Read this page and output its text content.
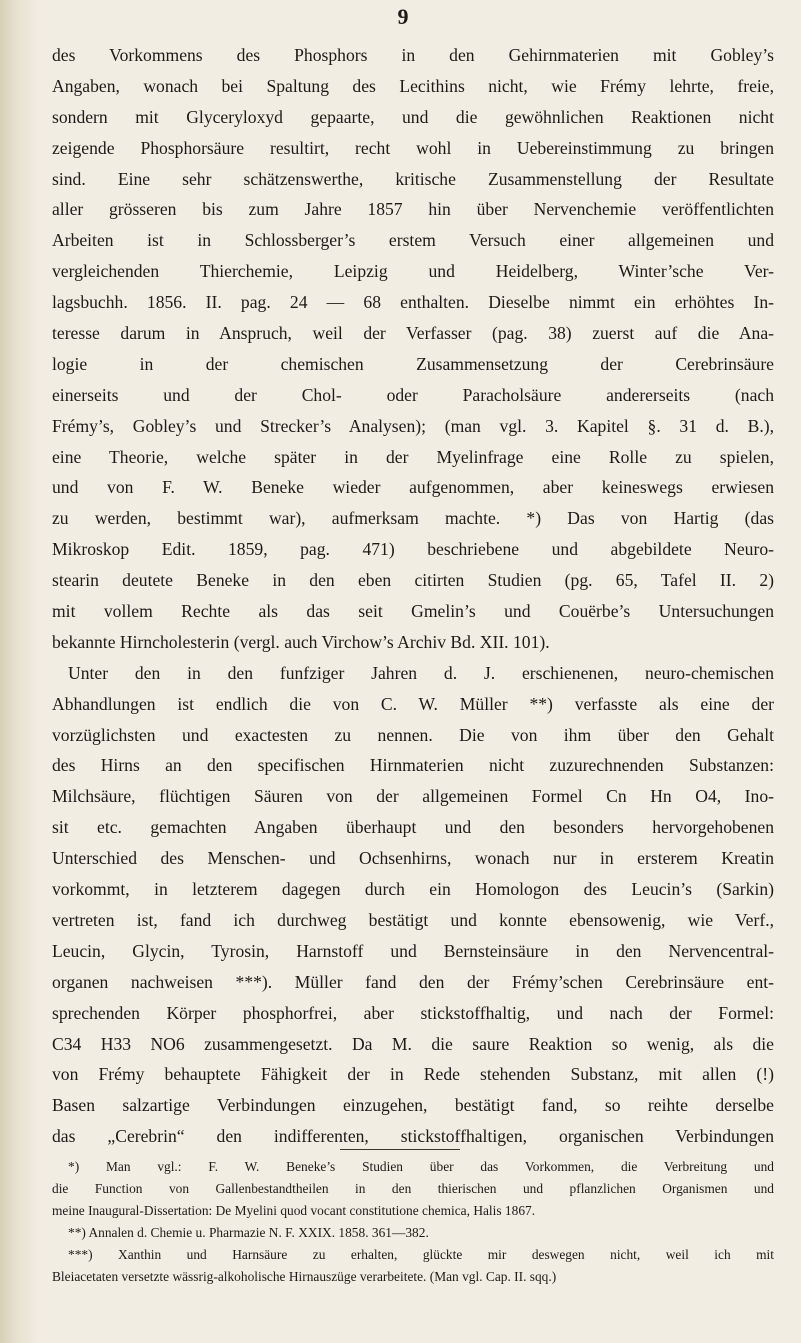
9
des Vorkommens des Phosphors in den Gehirnmaterien mit Gobley’s
Angaben, wonach bei Spaltung des Lecithins nicht, wie Frémy lehrte, freie,
sondern mit Glyceryloxyd gepaarte, und die gewöhnlichen Reaktionen nicht
zeigende Phosphorsäure resultirt, recht wohl in Uebereinstimmung zu bringen
sind. Eine sehr schätzenswerthe, kritische Zusammenstellung der Resultate
aller grösseren bis zum Jahre 1857 hin über Nervenchemie veröffentlichten
Arbeiten ist in Schlossberger’s erstem Versuch einer allgemeinen und
vergleichenden Thierchemie, Leipzig und Heidelberg, Winter’sche Ver-
lagsbuchh. 1856. II. pag. 24 — 68 enthalten. Dieselbe nimmt ein erhöhtes In-
teresse darum in Anspruch, weil der Verfasser (pag. 38) zuerst auf die Ana-
logie in der chemischen Zusammensetzung der Cerebrinsäure
einerseits und der Chol- oder Paracholsäure andererseits (nach
Frémy’s, Gobley’s und Strecker’s Analysen); (man vgl. 3. Kapitel §. 31 d. B.),
eine Theorie, welche später in der Myelinfrage eine Rolle zu spielen,
und von F. W. Beneke wieder aufgenommen, aber keineswegs erwiesen
zu werden, bestimmt war), aufmerksam machte. *) Das von Hartig (das
Mikroskop Edit. 1859, pag. 471) beschriebene und abgebildete Neuro-
stearin deutete Beneke in den eben citirten Studien (pg. 65, Tafel II. 2)
mit vollem Rechte als das seit Gmelin’s und Couërbe’s Untersuchungen
bekannte Hirncholesterin (vergl. auch Virchow’s Archiv Bd. XII. 101).
Unter den in den funfziger Jahren d. J. erschienenen, neuro-chemischen
Abhandlungen ist endlich die von C. W. Müller **) verfasste als eine der
vorzüglichsten und exactesten zu nennen. Die von ihm über den Gehalt
des Hirns an den specifischen Hirnmaterien nicht zuzurechnenden Substanzen:
Milchsäure, flüchtigen Säuren von der allgemeinen Formel Cn Hn O4, Ino-
sit etc. gemachten Angaben überhaupt und den besonders hervorgehobenen
Unterschied des Menschen- und Ochsenhirns, wonach nur in ersterem Kreatin
vorkommt, in letzterem dagegen durch ein Homologon des Leucin’s (Sarkin)
vertreten ist, fand ich durchweg bestätigt und konnte ebensowenig, wie Verf.,
Leucin, Glycin, Tyrosin, Harnstoff und Bernsteinsäure in den Nervencentral-
organen nachweisen ***). Müller fand den der Frémy’schen Cerebrinsäure ent-
sprechenden Körper phosphorfrei, aber stickstoffhaltig, und nach der Formel:
C34 H33 NO6 zusammengesetzt. Da M. die saure Reaktion so wenig, als die
von Frémy behauptete Fähigkeit der in Rede stehenden Substanz, mit allen (!)
Basen salzartige Verbindungen einzugehen, bestätigt fand, so reihte derselbe
das „Cerebrin“ den indifferenten, stickstoffhaltigen, organischen Verbindungen
*) Man vgl.: F. W. Beneke’s Studien über das Vorkommen, die Verbreitung und
die Function von Gallenbestandtheilen in den thierischen und pflanzlichen Organismen und
meine Inaugural-Dissertation: De Myelini quod vocant constitutione chemica, Halis 1867.
**) Annalen d. Chemie u. Pharmazie N. F. XXIX. 1858. 361—382.
***) Xanthin und Harnsäure zu erhalten, glückte mir deswegen nicht, weil ich mit
Bleiacetaten versetzte wässrig-alkoholische Hirnauszüge verarbeitete. (Man vgl. Cap. II. sqq.)
